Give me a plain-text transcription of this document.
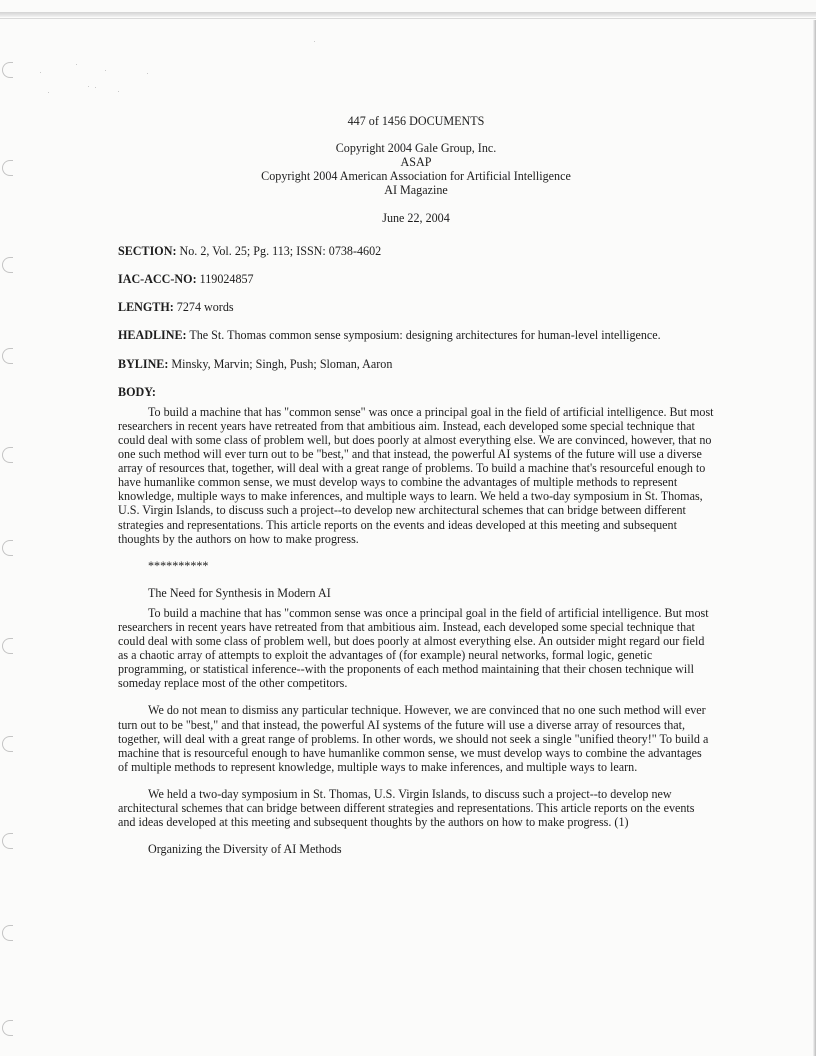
447 of 1456 DOCUMENTS
Copyright 2004 Gale Group, Inc.
ASAP
Copyright 2004 American Association for Artificial Intelligence
AI Magazine
June 22, 2004
SECTION: No. 2, Vol. 25; Pg. 113; ISSN: 0738-4602
IAC-ACC-NO: 119024857
LENGTH: 7274 words
HEADLINE: The St. Thomas common sense symposium: designing architectures for human-level intelligence.
BYLINE: Minsky, Marvin; Singh, Push; Sloman, Aaron
BODY:

To build a machine that has "common sense" was once a principal goal in the field of artificial intelligence. But most researchers in recent years have retreated from that ambitious aim. Instead, each developed some special technique that could deal with some class of problem well, but does poorly at almost everything else. We are convinced, however, that no one such method will ever turn out to be "best," and that instead, the powerful AI systems of the future will use a diverse array of resources that, together, will deal with a great range of problems. To build a machine that's resourceful enough to have humanlike common sense, we must develop ways to combine the advantages of multiple methods to represent knowledge, multiple ways to make inferences, and multiple ways to learn. We held a two-day symposium in St. Thomas, U.S. Virgin Islands, to discuss such a project--to develop new architectural schemes that can bridge between different strategies and representations. This article reports on the events and ideas developed at this meeting and subsequent thoughts by the authors on how to make progress.

**********
The Need for Synthesis in Modern AI

To build a machine that has "common sense was once a principal goal in the field of artificial intelligence. But most researchers in recent years have retreated from that ambitious aim. Instead, each developed some special technique that could deal with some class of problem well, but does poorly at almost everything else. An outsider might regard our field as a chaotic array of attempts to exploit the advantages of (for example) neural networks, formal logic, genetic programming, or statistical inference--with the proponents of each method maintaining that their chosen technique will someday replace most of the other competitors.

We do not mean to dismiss any particular technique. However, we are convinced that no one such method will ever turn out to be "best," and that instead, the powerful AI systems of the future will use a diverse array of resources that, together, will deal with a great range of problems. In other words, we should not seek a single "unified theory!" To build a machine that is resourceful enough to have humanlike common sense, we must develop ways to combine the advantages of multiple methods to represent knowledge, multiple ways to make inferences, and multiple ways to learn.

We held a two-day symposium in St. Thomas, U.S. Virgin Islands, to discuss such a project--to develop new architectural schemes that can bridge between different strategies and representations. This article reports on the events and ideas developed at this meeting and subsequent thoughts by the authors on how to make progress. (1)

Organizing the Diversity of AI Methods
